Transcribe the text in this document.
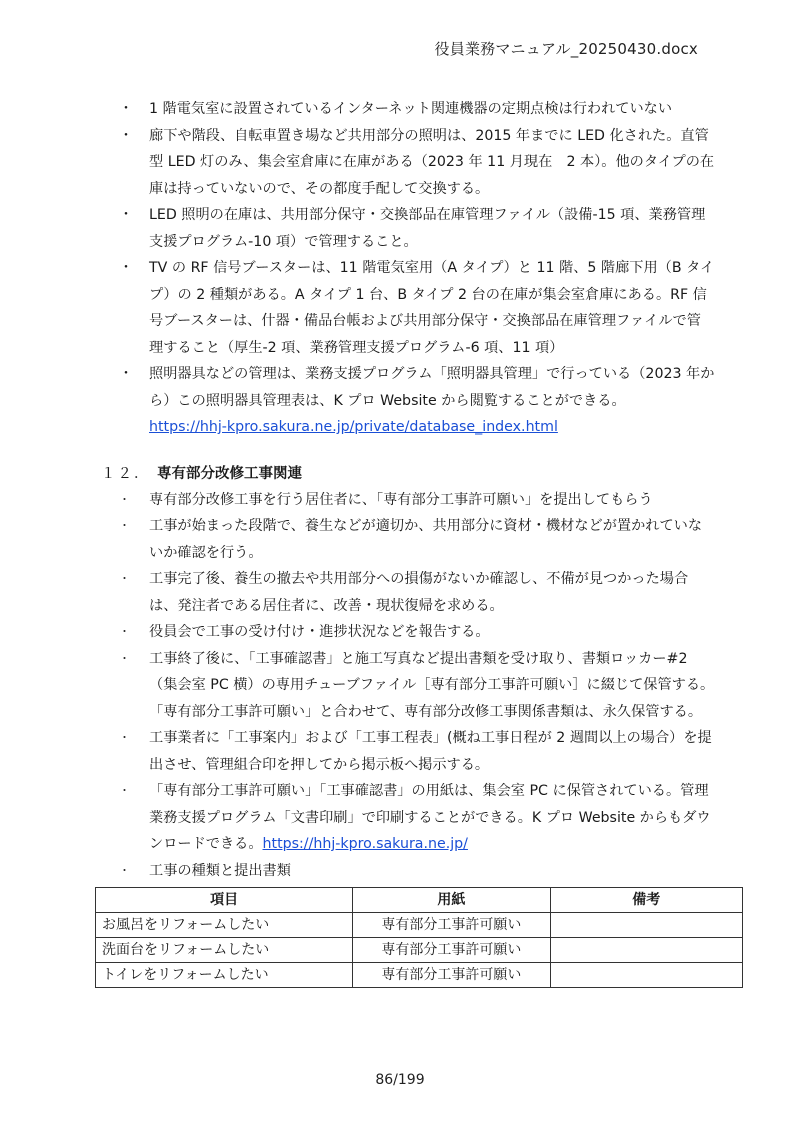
役員業務マニュアル_20250430.docx
・ 1 階電気室に設置されているインターネット関連機器の定期点検は行われていない
・ 廊下や階段、自転車置き場など共用部分の照明は、2015 年までに LED 化された。直管型 LED 灯のみ、集会室倉庫に在庫がある（2023 年 11 月現在　2 本）。他のタイプの在庫は持っていないので、その都度手配して交換する。
・ LED 照明の在庫は、共用部分保守・交換部品在庫管理ファイル（設備-15 項、業務管理支援プログラム-10 項）で管理すること。
・ TV の RF 信号ブースターは、11 階電気室用（A タイプ）と 11 階、5 階廊下用（B タイプ）の 2 種類がある。A タイプ 1 台、B タイプ 2 台の在庫が集会室倉庫にある。RF 信号ブースターは、什器・備品台帳および共用部分保守・交換部品在庫管理ファイルで管理すること（厚生-2 項、業務管理支援プログラム-6 項、11 項）
・ 照明器具などの管理は、業務支援プログラム「照明器具管理」で行っている（2023 年から）この照明器具管理表は、K プロ Website から閲覧することができる。
https://hhj-kpro.sakura.ne.jp/private/database_index.html
１２． 専有部分改修工事関連
・ 専有部分改修工事を行う居住者に、「専有部分工事許可願い」を提出してもらう
・ 工事が始まった段階で、養生などが適切か、共用部分に資材・機材などが置かれていないか確認を行う。
・ 工事完了後、養生の撤去や共用部分への損傷がないか確認し、不備が見つかった場合は、発注者である居住者に、改善・現状復帰を求める。
・ 役員会で工事の受け付け・進捗状況などを報告する。
・ 工事終了後に、「工事確認書」と施工写真など提出書類を受け取り、書類ロッカー#2（集会室 PC 横）の専用チューブファイル［専有部分工事許可願い］に綴じて保管する。「専有部分工事許可願い」と合わせて、専有部分改修工事関係書類は、永久保管する。
・ 工事業者に「工事案内」および「工事工程表」(概ね工事日程が 2 週間以上の場合）を提出させ、管理組合印を押してから掲示板へ掲示する。
・ 「専有部分工事許可願い」「工事確認書」の用紙は、集会室 PC に保管されている。管理業務支援プログラム「文書印刷」で印刷することができる。K プロ Website からもダウンロードできる。https://hhj-kpro.sakura.ne.jp/
・ 工事の種類と提出書類
項目	用紙	備考
お風呂をリフォームしたい	専有部分工事許可願い	
洗面台をリフォームしたい	専有部分工事許可願い	
トイレをリフォームしたい	専有部分工事許可願い	
86/199
